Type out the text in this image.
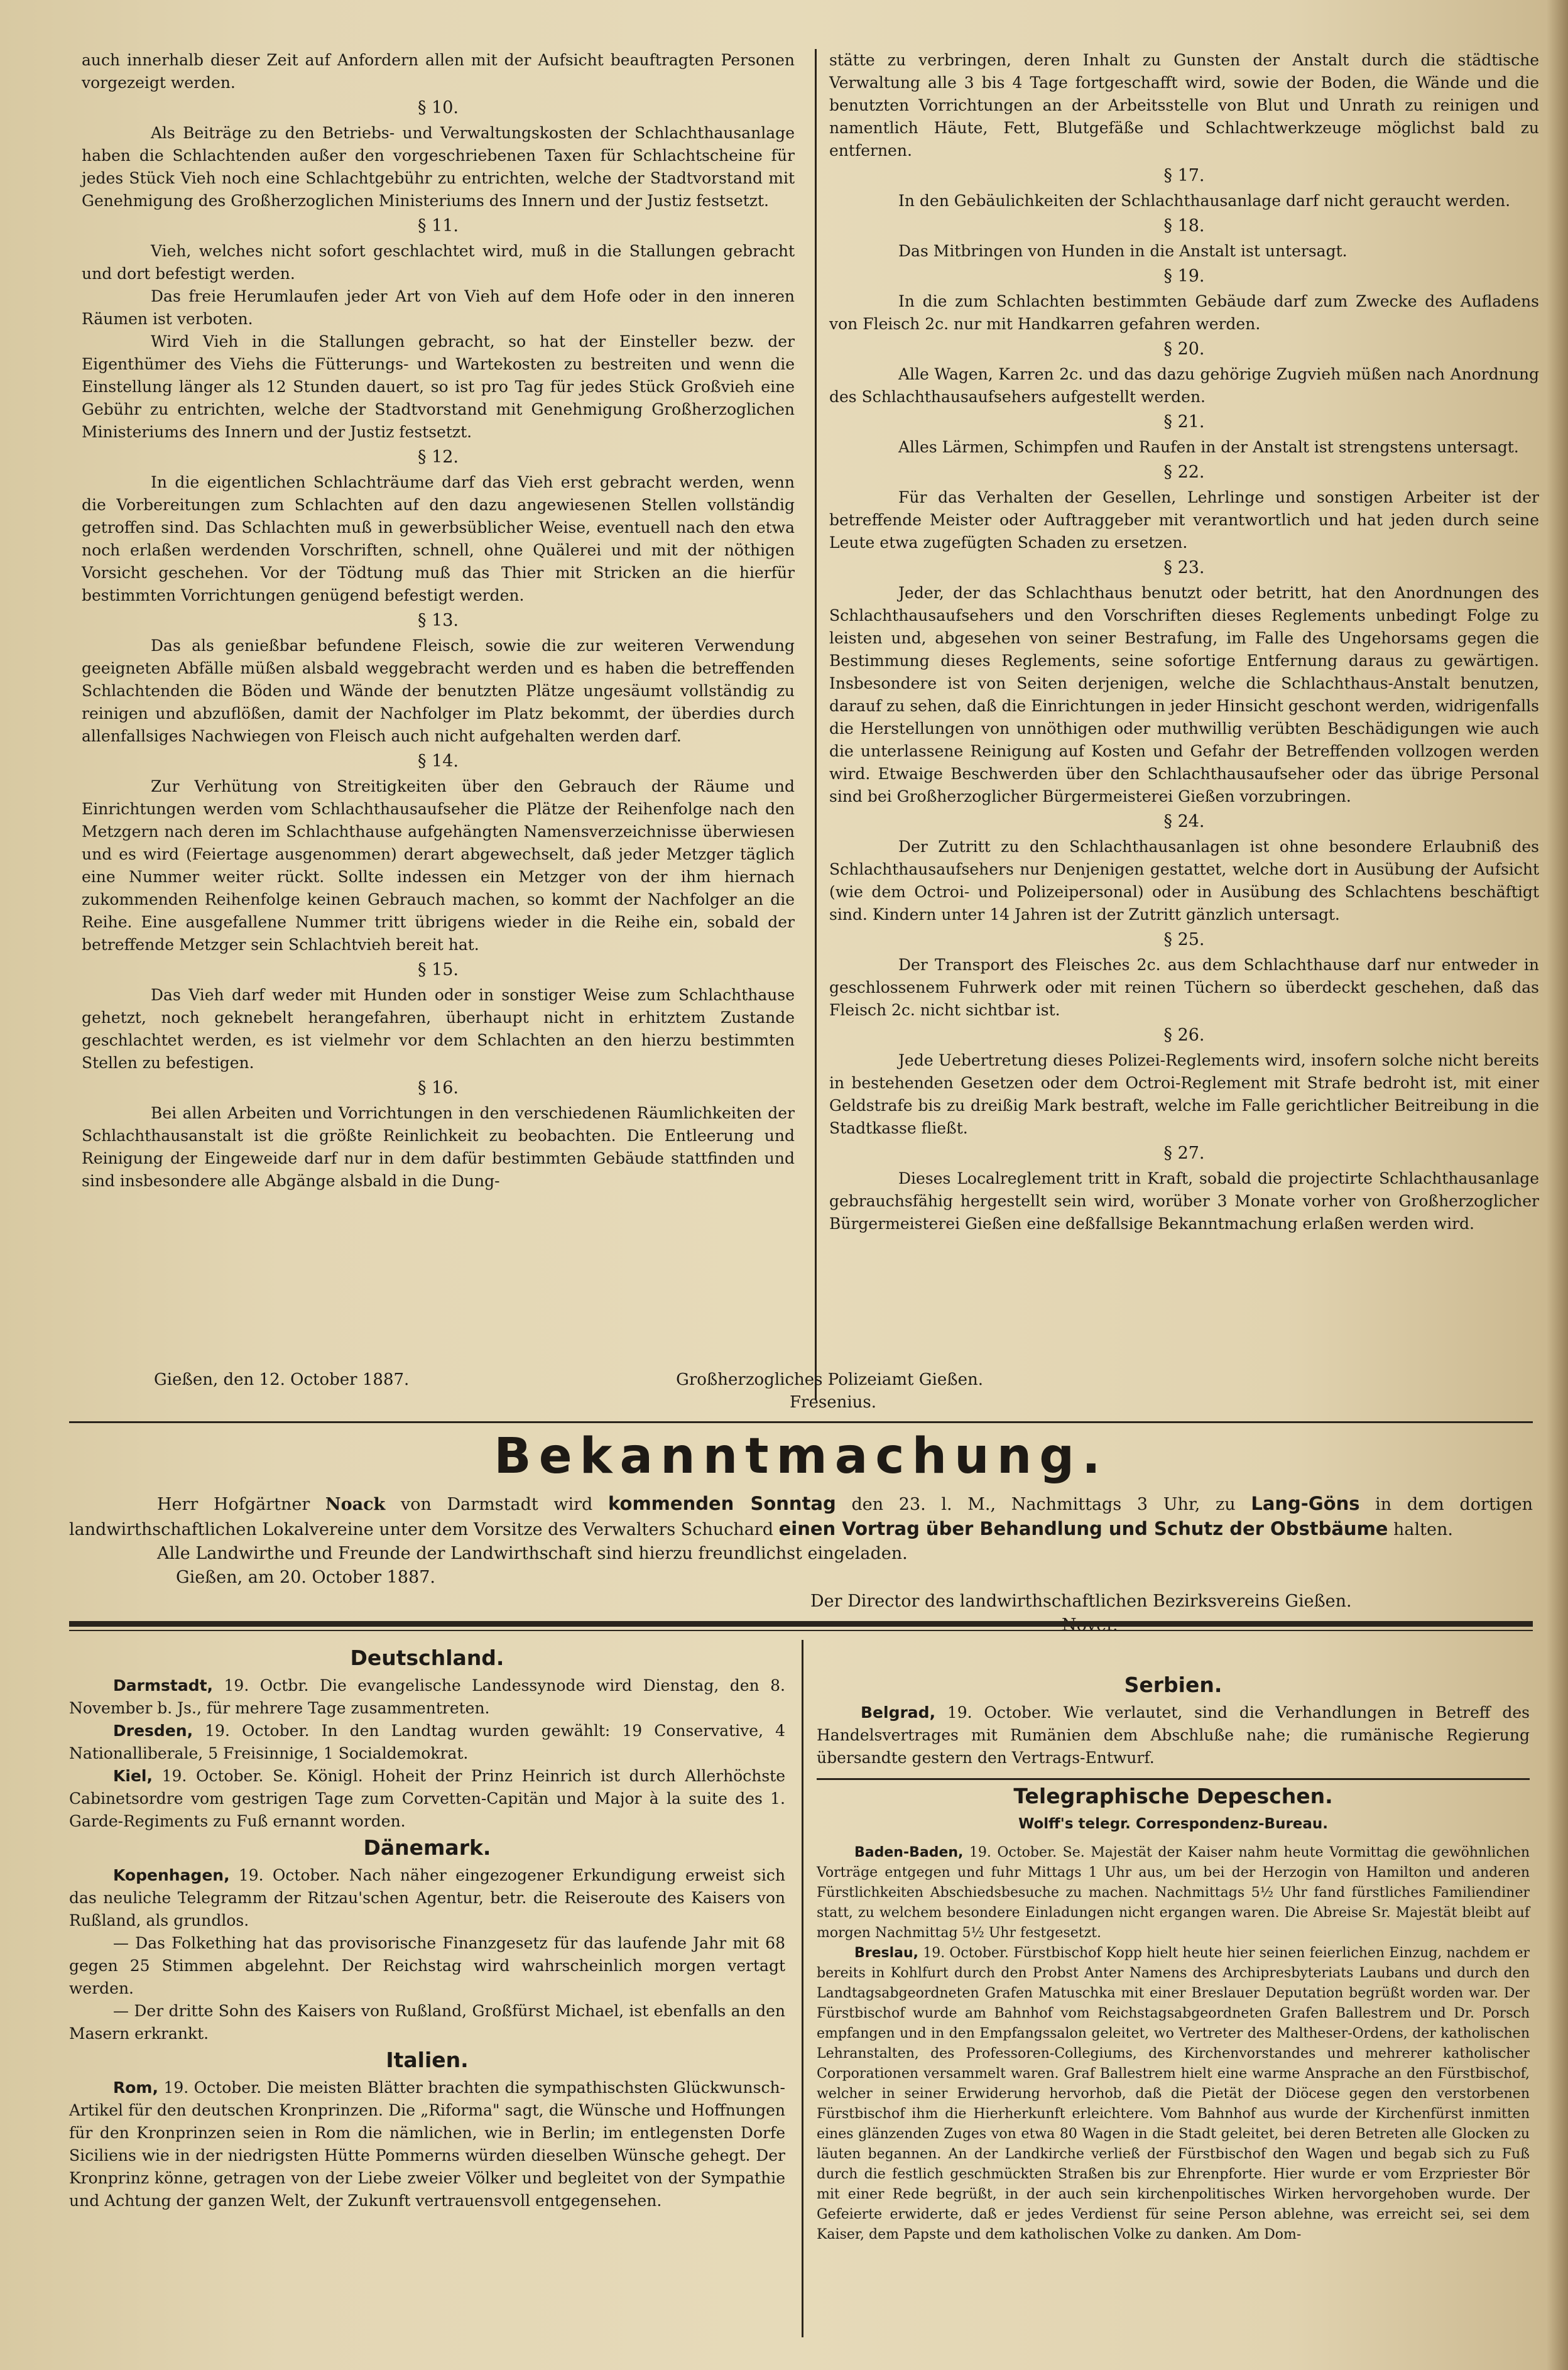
auch innerhalb dieser Zeit auf Anfordern allen mit der Aufsicht beauftragten Personen vorgezeigt werden.

§ 10.

Als Beiträge zu den Betriebs- und Verwaltungskosten der Schlachthausanlage haben die Schlachtenden außer den vorgeschriebenen Taxen für Schlachtscheine für jedes Stück Vieh noch eine Schlachtgebühr zu entrichten, welche der Stadtvorstand mit Genehmigung des Großherzoglichen Ministeriums des Innern und der Justiz festsetzt.

§ 11.

Vieh, welches nicht sofort geschlachtet wird, muß in die Stallungen gebracht und dort befestigt werden.

Das freie Herumlaufen jeder Art von Vieh auf dem Hofe oder in den inneren Räumen ist verboten.

Wird Vieh in die Stallungen gebracht, so hat der Einsteller bezw. der Eigenthümer des Viehs die Fütterungs- und Wartekosten zu bestreiten und wenn die Einstellung länger als 12 Stunden dauert, so ist pro Tag für jedes Stück Großvieh eine Gebühr zu entrichten, welche der Stadtvorstand mit Genehmigung Großherzoglichen Ministeriums des Innern und der Justiz festsetzt.

§ 12.

In die eigentlichen Schlachträume darf das Vieh erst gebracht werden, wenn die Vorbereitungen zum Schlachten auf den dazu angewiesenen Stellen vollständig getroffen sind. Das Schlachten muß in gewerbsüblicher Weise, eventuell nach den etwa noch erlaßen werdenden Vorschriften, schnell, ohne Quälerei und mit der nöthigen Vorsicht geschehen. Vor der Tödtung muß das Thier mit Stricken an die hierfür bestimmten Vorrichtungen genügend befestigt werden.

§ 13.

Das als genießbar befundene Fleisch, sowie die zur weiteren Verwendung geeigneten Abfälle müßen alsbald weggebracht werden und es haben die betreffenden Schlachtenden die Böden und Wände der benutzten Plätze ungesäumt vollständig zu reinigen und abzuflößen, damit der Nachfolger im Platz bekommt, der überdies durch allenfallsiges Nachwiegen von Fleisch auch nicht aufgehalten werden darf.

§ 14.

Zur Verhütung von Streitigkeiten über den Gebrauch der Räume und Einrichtungen werden vom Schlachthausaufseher die Plätze der Reihenfolge nach den Metzgern nach deren im Schlachthause aufgehängten Namensverzeichnisse überwiesen und es wird (Feiertage ausgenommen) derart abgewechselt, daß jeder Metzger täglich eine Nummer weiter rückt. Sollte indessen ein Metzger von der ihm hiernach zukommenden Reihenfolge keinen Gebrauch machen, so kommt der Nachfolger an die Reihe. Eine ausgefallene Nummer tritt übrigens wieder in die Reihe ein, sobald der betreffende Metzger sein Schlachtvieh bereit hat.

§ 15.

Das Vieh darf weder mit Hunden oder in sonstiger Weise zum Schlachthause gehetzt, noch geknebelt herangefahren, überhaupt nicht in erhitztem Zustande geschlachtet werden, es ist vielmehr vor dem Schlachten an den hierzu bestimmten Stellen zu befestigen.

§ 16.

Bei allen Arbeiten und Vorrichtungen in den verschiedenen Räumlichkeiten der Schlachthausanstalt ist die größte Reinlichkeit zu beobachten. Die Entleerung und Reinigung der Eingeweide darf nur in dem dafür bestimmten Gebäude stattfinden und sind insbesondere alle Abgänge alsbald in die Dung-

stätte zu verbringen, deren Inhalt zu Gunsten der Anstalt durch die städtische Verwaltung alle 3 bis 4 Tage fortgeschafft wird, sowie der Boden, die Wände und die benutzten Vorrichtungen an der Arbeitsstelle von Blut und Unrath zu reinigen und namentlich Häute, Fett, Blutgefäße und Schlachtwerkzeuge möglichst bald zu entfernen.

§ 17.

In den Gebäulichkeiten der Schlachthausanlage darf nicht geraucht werden.

§ 18.

Das Mitbringen von Hunden in die Anstalt ist untersagt.

§ 19.

In die zum Schlachten bestimmten Gebäude darf zum Zwecke des Aufladens von Fleisch 2c. nur mit Handkarren gefahren werden.

§ 20.

Alle Wagen, Karren 2c. und das dazu gehörige Zugvieh müßen nach Anordnung des Schlachthausaufsehers aufgestellt werden.

§ 21.

Alles Lärmen, Schimpfen und Raufen in der Anstalt ist strengstens untersagt.

§ 22.

Für das Verhalten der Gesellen, Lehrlinge und sonstigen Arbeiter ist der betreffende Meister oder Auftraggeber mit verantwortlich und hat jeden durch seine Leute etwa zugefügten Schaden zu ersetzen.

§ 23.

Jeder, der das Schlachthaus benutzt oder betritt, hat den Anordnungen des Schlachthausaufsehers und den Vorschriften dieses Reglements unbedingt Folge zu leisten und, abgesehen von seiner Bestrafung, im Falle des Ungehorsams gegen die Bestimmung dieses Reglements, seine sofortige Entfernung daraus zu gewärtigen. Insbesondere ist von Seiten derjenigen, welche die Schlachthaus-Anstalt benutzen, darauf zu sehen, daß die Einrichtungen in jeder Hinsicht geschont werden, widrigenfalls die Herstellungen von unnöthigen oder muthwillig verübten Beschädigungen wie auch die unterlassene Reinigung auf Kosten und Gefahr der Betreffenden vollzogen werden wird. Etwaige Beschwerden über den Schlachthausaufseher oder das übrige Personal sind bei Großherzoglicher Bürgermeisterei Gießen vorzubringen.

§ 24.

Der Zutritt zu den Schlachthausanlagen ist ohne besondere Erlaubniß des Schlachthausaufsehers nur Denjenigen gestattet, welche dort in Ausübung der Aufsicht (wie dem Octroi- und Polizeipersonal) oder in Ausübung des Schlachtens beschäftigt sind. Kindern unter 14 Jahren ist der Zutritt gänzlich untersagt.

§ 25.

Der Transport des Fleisches 2c. aus dem Schlachthause darf nur entweder in geschlossenem Fuhrwerk oder mit reinen Tüchern so überdeckt geschehen, daß das Fleisch 2c. nicht sichtbar ist.

§ 26.

Jede Uebertretung dieses Polizei-Reglements wird, insofern solche nicht bereits in bestehenden Gesetzen oder dem Octroi-Reglement mit Strafe bedroht ist, mit einer Geldstrafe bis zu dreißig Mark bestraft, welche im Falle gerichtlicher Beitreibung in die Stadtkasse fließt.

§ 27.

Dieses Localreglement tritt in Kraft, sobald die projectirte Schlachthausanlage gebrauchsfähig hergestellt sein wird, worüber 3 Monate vorher von Großherzoglicher Bürgermeisterei Gießen eine deßfallsige Bekanntmachung erlaßen werden wird.

Gießen, den 12. October 1887.	Großherzogliches Polizeiamt Gießen.
Fresenius.
Bekanntmachung.

Herr Hofgärtner Noack von Darmstadt wird kommenden Sonntag den 23. l. M., Nachmittags 3 Uhr, zu Lang-Göns in dem dortigen landwirthschaftlichen Lokalvereine unter dem Vorsitze des Verwalters Schuchard einen Vortrag über Behandlung und Schutz der Obstbäume halten.

Alle Landwirthe und Freunde der Landwirthschaft sind hierzu freundlichst eingeladen.

Gießen, am 20. October 1887.

Der Director des landwirthschaftlichen Bezirksvereins Gießen.

Deutschland.

Darmstadt, 19. Octbr. Die evangelische Landessynode wird Dienstag, den 8. November b. Js., für mehrere Tage zusammentreten.

Dresden, 19. October. In den Landtag wurden gewählt: 19 Conservative, 4 Nationalliberale, 5 Freisinnige, 1 Socialdemokrat.

Kiel, 19. October. Se. Königl. Hoheit der Prinz Heinrich ist durch Allerhöchste Cabinetsordre vom gestrigen Tage zum Corvetten-Capitän und Major à la suite des 1. Garde-Regiments zu Fuß ernannt worden.

Dänemark.

Kopenhagen, 19. October. Nach näher eingezogener Erkundigung erweist sich das neuliche Telegramm der Ritzau'schen Agentur, betr. die Reiseroute des Kaisers von Rußland, als grundlos.

— Das Folkething hat das provisorische Finanzgesetz für das laufende Jahr mit 68 gegen 25 Stimmen abgelehnt. Der Reichstag wird wahrscheinlich morgen vertagt werden.

— Der dritte Sohn des Kaisers von Rußland, Großfürst Michael, ist ebenfalls an den Masern erkrankt.

Italien.

Rom, 19. October. Die meisten Blätter brachten die sympathischsten Glückwunsch-Artikel für den deutschen Kronprinzen. Die „Riforma" sagt, die Wünsche und Hoffnungen für den Kronprinzen seien in Rom die nämlichen, wie in Berlin; im entlegensten Dorfe Siciliens wie in der niedrigsten Hütte Pommerns würden dieselben Wünsche gehegt. Der Kronprinz könne, getragen von der Liebe zweier Völker und begleitet von der Sympathie und Achtung der ganzen Welt, der Zukunft vertrauensvoll entgegensehen.

Serbien.

Belgrad, 19. October. Wie verlautet, sind die Verhandlungen in Betreff des Handelsvertrages mit Rumänien dem Abschluße nahe; die rumänische Regierung übersandte gestern den Vertrags-Entwurf.

Telegraphische Depeschen.
Wolff's telegr. Correspondenz-Bureau.

Baden-Baden, 19. October. Se. Majestät der Kaiser nahm heute Vormittag die gewöhnlichen Vorträge entgegen und fuhr Mittags 1 Uhr aus, um bei der Herzogin von Hamilton und anderen Fürstlichkeiten Abschiedsbesuche zu machen. Nachmittags 5½ Uhr fand fürstliches Familiendiner statt, zu welchem besondere Einladungen nicht ergangen waren. Die Abreise Sr. Majestät bleibt auf morgen Nachmittag 5½ Uhr festgesetzt.

Breslau, 19. October. Fürstbischof Kopp hielt heute hier seinen feierlichen Einzug, nachdem er bereits in Kohlfurt durch den Probst Anter Namens des Archipresbyteriats Laubans und durch den Landtagsabgeordneten Grafen Matuschka mit einer Breslauer Deputation begrüßt worden war. Der Fürstbischof wurde am Bahnhof vom Reichstagsabgeordneten Grafen Ballestrem und Dr. Porsch empfangen und in den Empfangssalon geleitet, wo Vertreter des Maltheser-Ordens, der katholischen Lehranstalten, des Professoren-Collegiums, des Kirchenvorstandes und mehrerer katholischer Corporationen versammelt waren. Graf Ballestrem hielt eine warme Ansprache an den Fürstbischof, welcher in seiner Erwiderung hervorhob, daß die Pietät der Diöcese gegen den verstorbenen Fürstbischof ihm die Hierherkunft erleichtere. Vom Bahnhof aus wurde der Kirchenfürst inmitten eines glänzenden Zuges von etwa 80 Wagen in die Stadt geleitet, bei deren Betreten alle Glocken zu läuten begannen. An der Landkirche verließ der Fürstbischof den Wagen und begab sich zu Fuß durch die festlich geschmückten Straßen bis zur Ehrenpforte. Hier wurde er vom Erzpriester Bör mit einer Rede begrüßt, in der auch sein kirchenpolitisches Wirken hervorgehoben wurde. Der Gefeierte erwiderte, daß er jedes Verdienst für seine Person ablehne, was erreicht sei, sei dem Kaiser, dem Papste und dem katholischen Volke zu danken. Am Dom-
